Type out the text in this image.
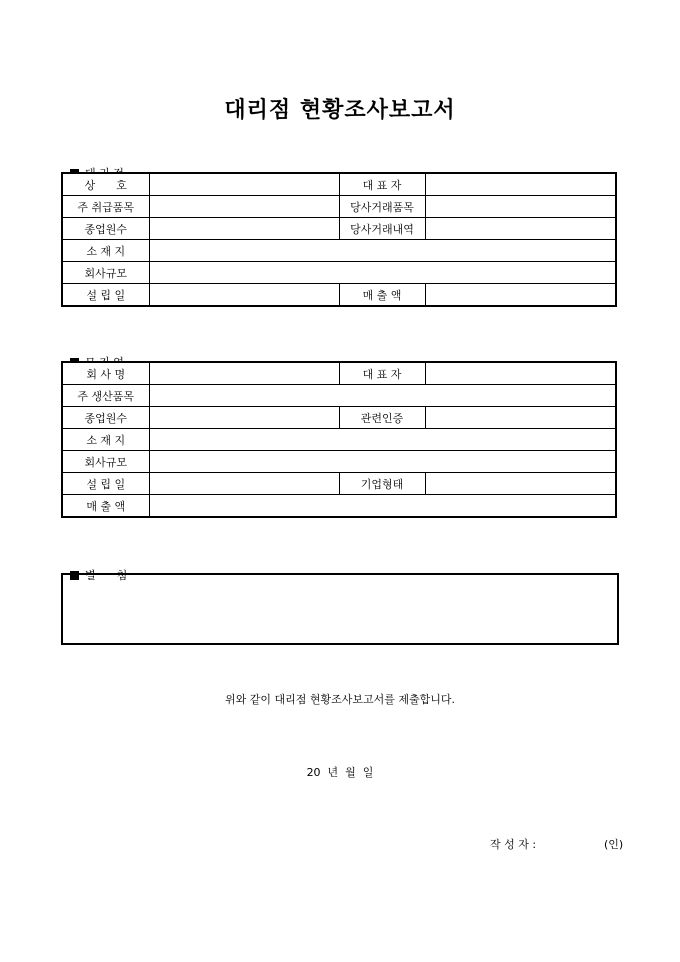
대리점 현황조사보고서

상      호		대 표 자	
주 취급품목		당사거래품목	
종업원수		당사거래내역	
소 재 지			
회사규모			
설 립 일		매 출 액	

회 사 명		대 표 자	
주 생산품목			
종업원수		관련인증	
소 재 지			
회사규모			
설 립 일		기업형태	
매 출 액			

별      첨

위와 같이 대리점 현황조사보고서를 제출합니다.
20  년  월  일
작 성 자 :	(인)
